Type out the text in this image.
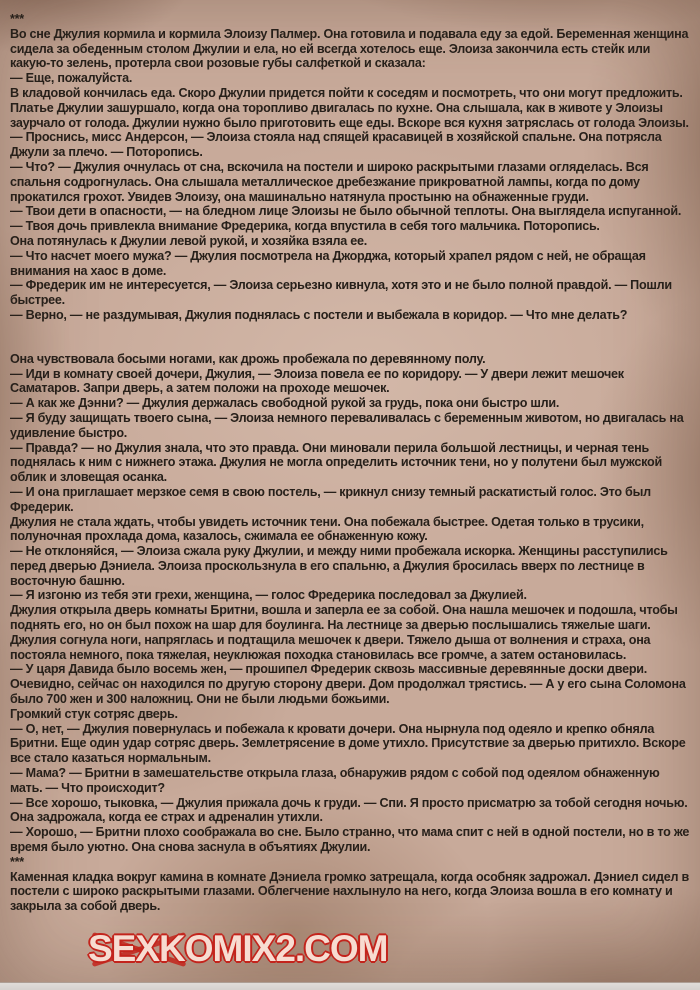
***

Во сне Джулия кормила и кормила Элоизу Палмер. Она готовила и подавала еду за едой. Беременная женщина сидела за обеденным столом Джулии и ела, но ей всегда хотелось еще. Элоиза закончила есть стейк или какую-то зелень, протерла свои розовые губы салфеткой и сказала:

— Еще, пожалуйста.

В кладовой кончилась еда. Скоро Джулии придется пойти к соседям и посмотреть, что они могут предложить. Платье Джулии зашуршало, когда она торопливо двигалась по кухне. Она слышала, как в животе у Элоизы заурчало от голода. Джулии нужно было приготовить еще еды. Вскоре вся кухня затряслась от голода Элоизы.

— Проснись, мисс Андерсон, — Элоиза стояла над спящей красавицей в хозяйской спальне. Она потрясла Джули за плечо. — Поторопись.

— Что? — Джулия очнулась от сна, вскочила на постели и широко раскрытыми глазами огляделась. Вся спальня содрогнулась. Она слышала металлическое дребезжание прикроватной лампы, когда по дому прокатился грохот. Увидев Элоизу, она машинально натянула простыню на обнаженные груди.

— Твои дети в опасности, — на бледном лице Элоизы не было обычной теплоты. Она выглядела испуганной. — Твоя дочь привлекла внимание Фредерика, когда впустила в себя того мальчика. Поторопись.

Она потянулась к Джулии левой рукой, и хозяйка взяла ее.

— Что насчет моего мужа? — Джулия посмотрела на Джорджа, который храпел рядом с ней, не обращая внимания на хаос в доме.

— Фредерик им не интересуется, — Элоиза серьезно кивнула, хотя это и не было полной правдой. — Пошли быстрее.

— Верно, — не раздумывая, Джулия поднялась с постели и выбежала в коридор. — Что мне делать?

Она чувствовала босыми ногами, как дрожь пробежала по деревянному полу.

— Иди в комнату своей дочери, Джулия, — Элоиза повела ее по коридору. — У двери лежит мешочек Саматаров. Запри дверь, а затем положи на проходе мешочек.

— А как же Дэнни? — Джулия держалась свободной рукой за грудь, пока они быстро шли.

— Я буду защищать твоего сына, — Элоиза немного переваливалась с беременным животом, но двигалась на удивление быстро.

— Правда? — но Джулия знала, что это правда. Они миновали перила большой лестницы, и черная тень поднялась к ним с нижнего этажа. Джулия не могла определить источник тени, но у полутени был мужской облик и зловещая осанка.

— И она приглашает мерзкое семя в свою постель, — крикнул снизу темный раскатистый голос. Это был Фредерик.

Джулия не стала ждать, чтобы увидеть источник тени. Она побежала быстрее. Одетая только в трусики, полуночная прохлада дома, казалось, сжимала ее обнаженную кожу.

— Не отклоняйся, — Элоиза сжала руку Джулии, и между ними пробежала искорка. Женщины расступились перед дверью Дэниела. Элоиза проскользнула в его спальню, а Джулия бросилась вверх по лестнице в восточную башню.

— Я изгоню из тебя эти грехи, женщина, — голос Фредерика последовал за Джулией.

Джулия открыла дверь комнаты Бритни, вошла и заперла ее за собой. Она нашла мешочек и подошла, чтобы поднять его, но он был похож на шар для боулинга. На лестнице за дверью послышались тяжелые шаги. Джулия согнула ноги, напряглась и подтащила мешочек к двери. Тяжело дыша от волнения и страха, она постояла немного, пока тяжелая, неуклюжая походка становилась все громче, а затем остановилась.

— У царя Давида было восемь жен, — прошипел Фредерик сквозь массивные деревянные доски двери. Очевидно, сейчас он находился по другую сторону двери. Дом продолжал трястись. — А у его сына Соломона было 700 жен и 300 наложниц. Они не были людьми божьими.

Громкий стук сотряс дверь.

— О, нет, — Джулия повернулась и побежала к кровати дочери. Она нырнула под одеяло и крепко обняла Бритни. Еще один удар сотряс дверь. Землетрясение в доме утихло. Присутствие за дверью притихло. Вскоре все стало казаться нормальным.

— Мама? — Бритни в замешательстве открыла глаза, обнаружив рядом с собой под одеялом обнаженную мать. — Что происходит?

— Все хорошо, тыковка, — Джулия прижала дочь к груди. — Спи. Я просто присматрю за тобой сегодня ночью.

Она задрожала, когда ее страх и адреналин утихли.

— Хорошо, — Бритни плохо соображала во сне. Было странно, что мама спит с ней в одной постели, но в то же время было уютно. Она снова заснула в объятиях Джулии.

***

Каменная кладка вокруг камина в комнате Дэниела громко затрещала, когда особняк задрожал. Дэниел сидел в постели с широко раскрытыми глазами. Облегчение нахлынуло на него, когда Элоиза вошла в его комнату и закрыла за собой дверь.

SEXKOMIX2.COM
